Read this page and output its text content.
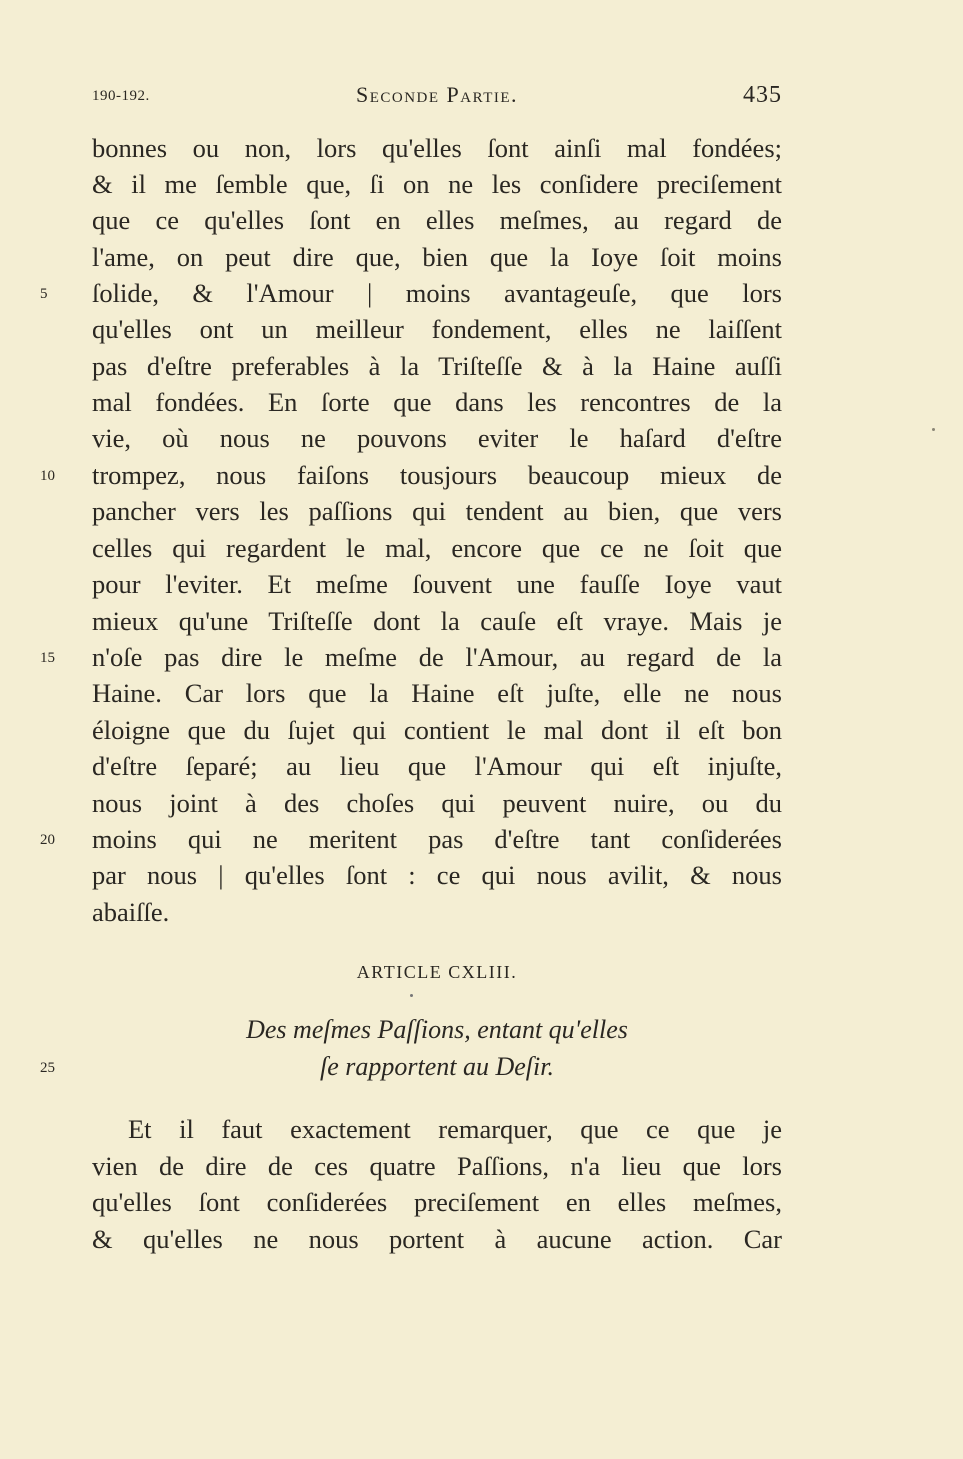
190-192.	Seconde Partie.	435
bonnes ou non, lors qu'elles ſont ainſi mal fondées;
& il me ſemble que, ſi on ne les conſidere preciſement
que ce qu'elles ſont en elles meſmes, au regard de
l'ame, on peut dire que, bien que la Ioye ſoit moins
ſolide, & l'Amour | moins avantageuſe, que lors
qu'elles ont un meilleur fondement, elles ne laiſſent
pas d'eſtre preferables à la Triſteſſe & à la Haine auſſi
mal fondées. En ſorte que dans les rencontres de la
vie, où nous ne pouvons eviter le haſard d'eſtre
trompez, nous faiſons tousjours beaucoup mieux de
pancher vers les paſſions qui tendent au bien, que vers
celles qui regardent le mal, encore que ce ne ſoit que
pour l'eviter. Et meſme ſouvent une fauſſe Ioye vaut
mieux qu'une Triſteſſe dont la cauſe eſt vraye. Mais je
n'oſe pas dire le meſme de l'Amour, au regard de la
Haine. Car lors que la Haine eſt juſte, elle ne nous
éloigne que du ſujet qui contient le mal dont il eſt bon
d'eſtre ſeparé; au lieu que l'Amour qui eſt injuſte,
nous joint à des choſes qui peuvent nuire, ou du
moins qui ne meritent pas d'eſtre tant conſiderées
par nous | qu'elles ſont : ce qui nous avilit, & nous
abaiſſe.
5
10
15
20
25
ARTICLE CXLIII.
Des meſmes Paſſions, entant qu'elles
ſe rapportent au Deſir.
Et il faut exactement remarquer, que ce que je
vien de dire de ces quatre Paſſions, n'a lieu que lors
qu'elles ſont conſiderées preciſement en elles meſmes,
& qu'elles ne nous portent à aucune action. Car
